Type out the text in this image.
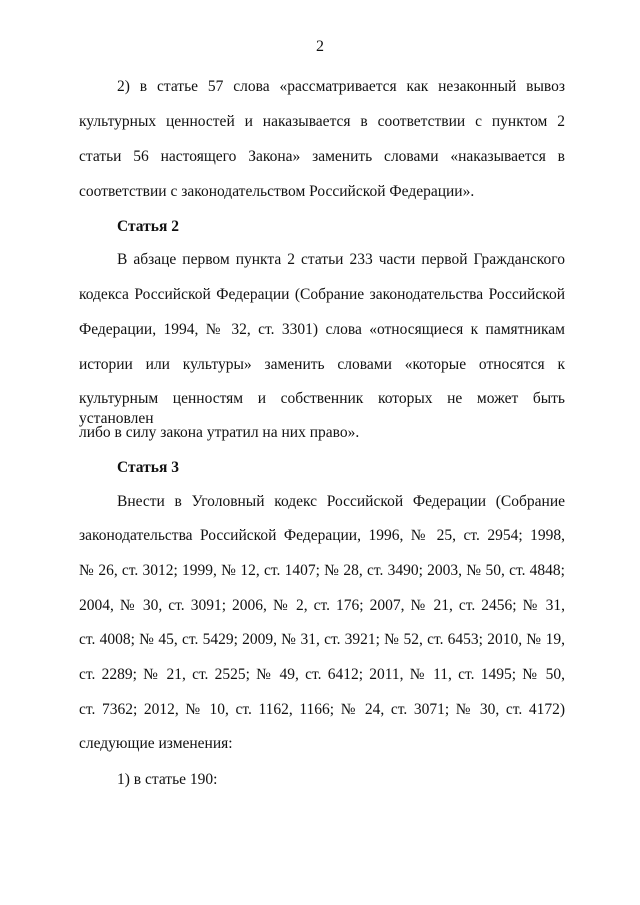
2
2) в статье 57 слова «рассматривается как незаконный вывоз
культурных ценностей и наказывается в соответствии с пунктом 2
статьи 56 настоящего Закона» заменить словами «наказывается в
соответствии с законодательством Российской Федерации».
Статья 2
В абзаце первом пункта 2 статьи 233 части первой Гражданского
кодекса Российской Федерации (Собрание законодательства Российской
Федерации, 1994, № 32, ст. 3301) слова «относящиеся к памятникам
истории или культуры» заменить словами «которые относятся к
культурным ценностям и собственник которых не может быть установлен
либо в силу закона утратил на них право».
Статья 3
Внести в Уголовный кодекс Российской Федерации (Собрание
законодательства Российской Федерации, 1996, № 25, ст. 2954; 1998,
№ 26, ст. 3012; 1999, № 12, ст. 1407; № 28, ст. 3490; 2003, № 50, ст. 4848;
2004, № 30, ст. 3091; 2006, № 2, ст. 176; 2007, № 21, ст. 2456; № 31,
ст. 4008; № 45, ст. 5429; 2009, № 31, ст. 3921; № 52, ст. 6453; 2010, № 19,
ст. 2289; № 21, ст. 2525; № 49, ст. 6412; 2011, № 11, ст. 1495; № 50,
ст. 7362; 2012, № 10, ст. 1162, 1166; № 24, ст. 3071; № 30, ст. 4172)
следующие изменения:
1) в статье 190:
